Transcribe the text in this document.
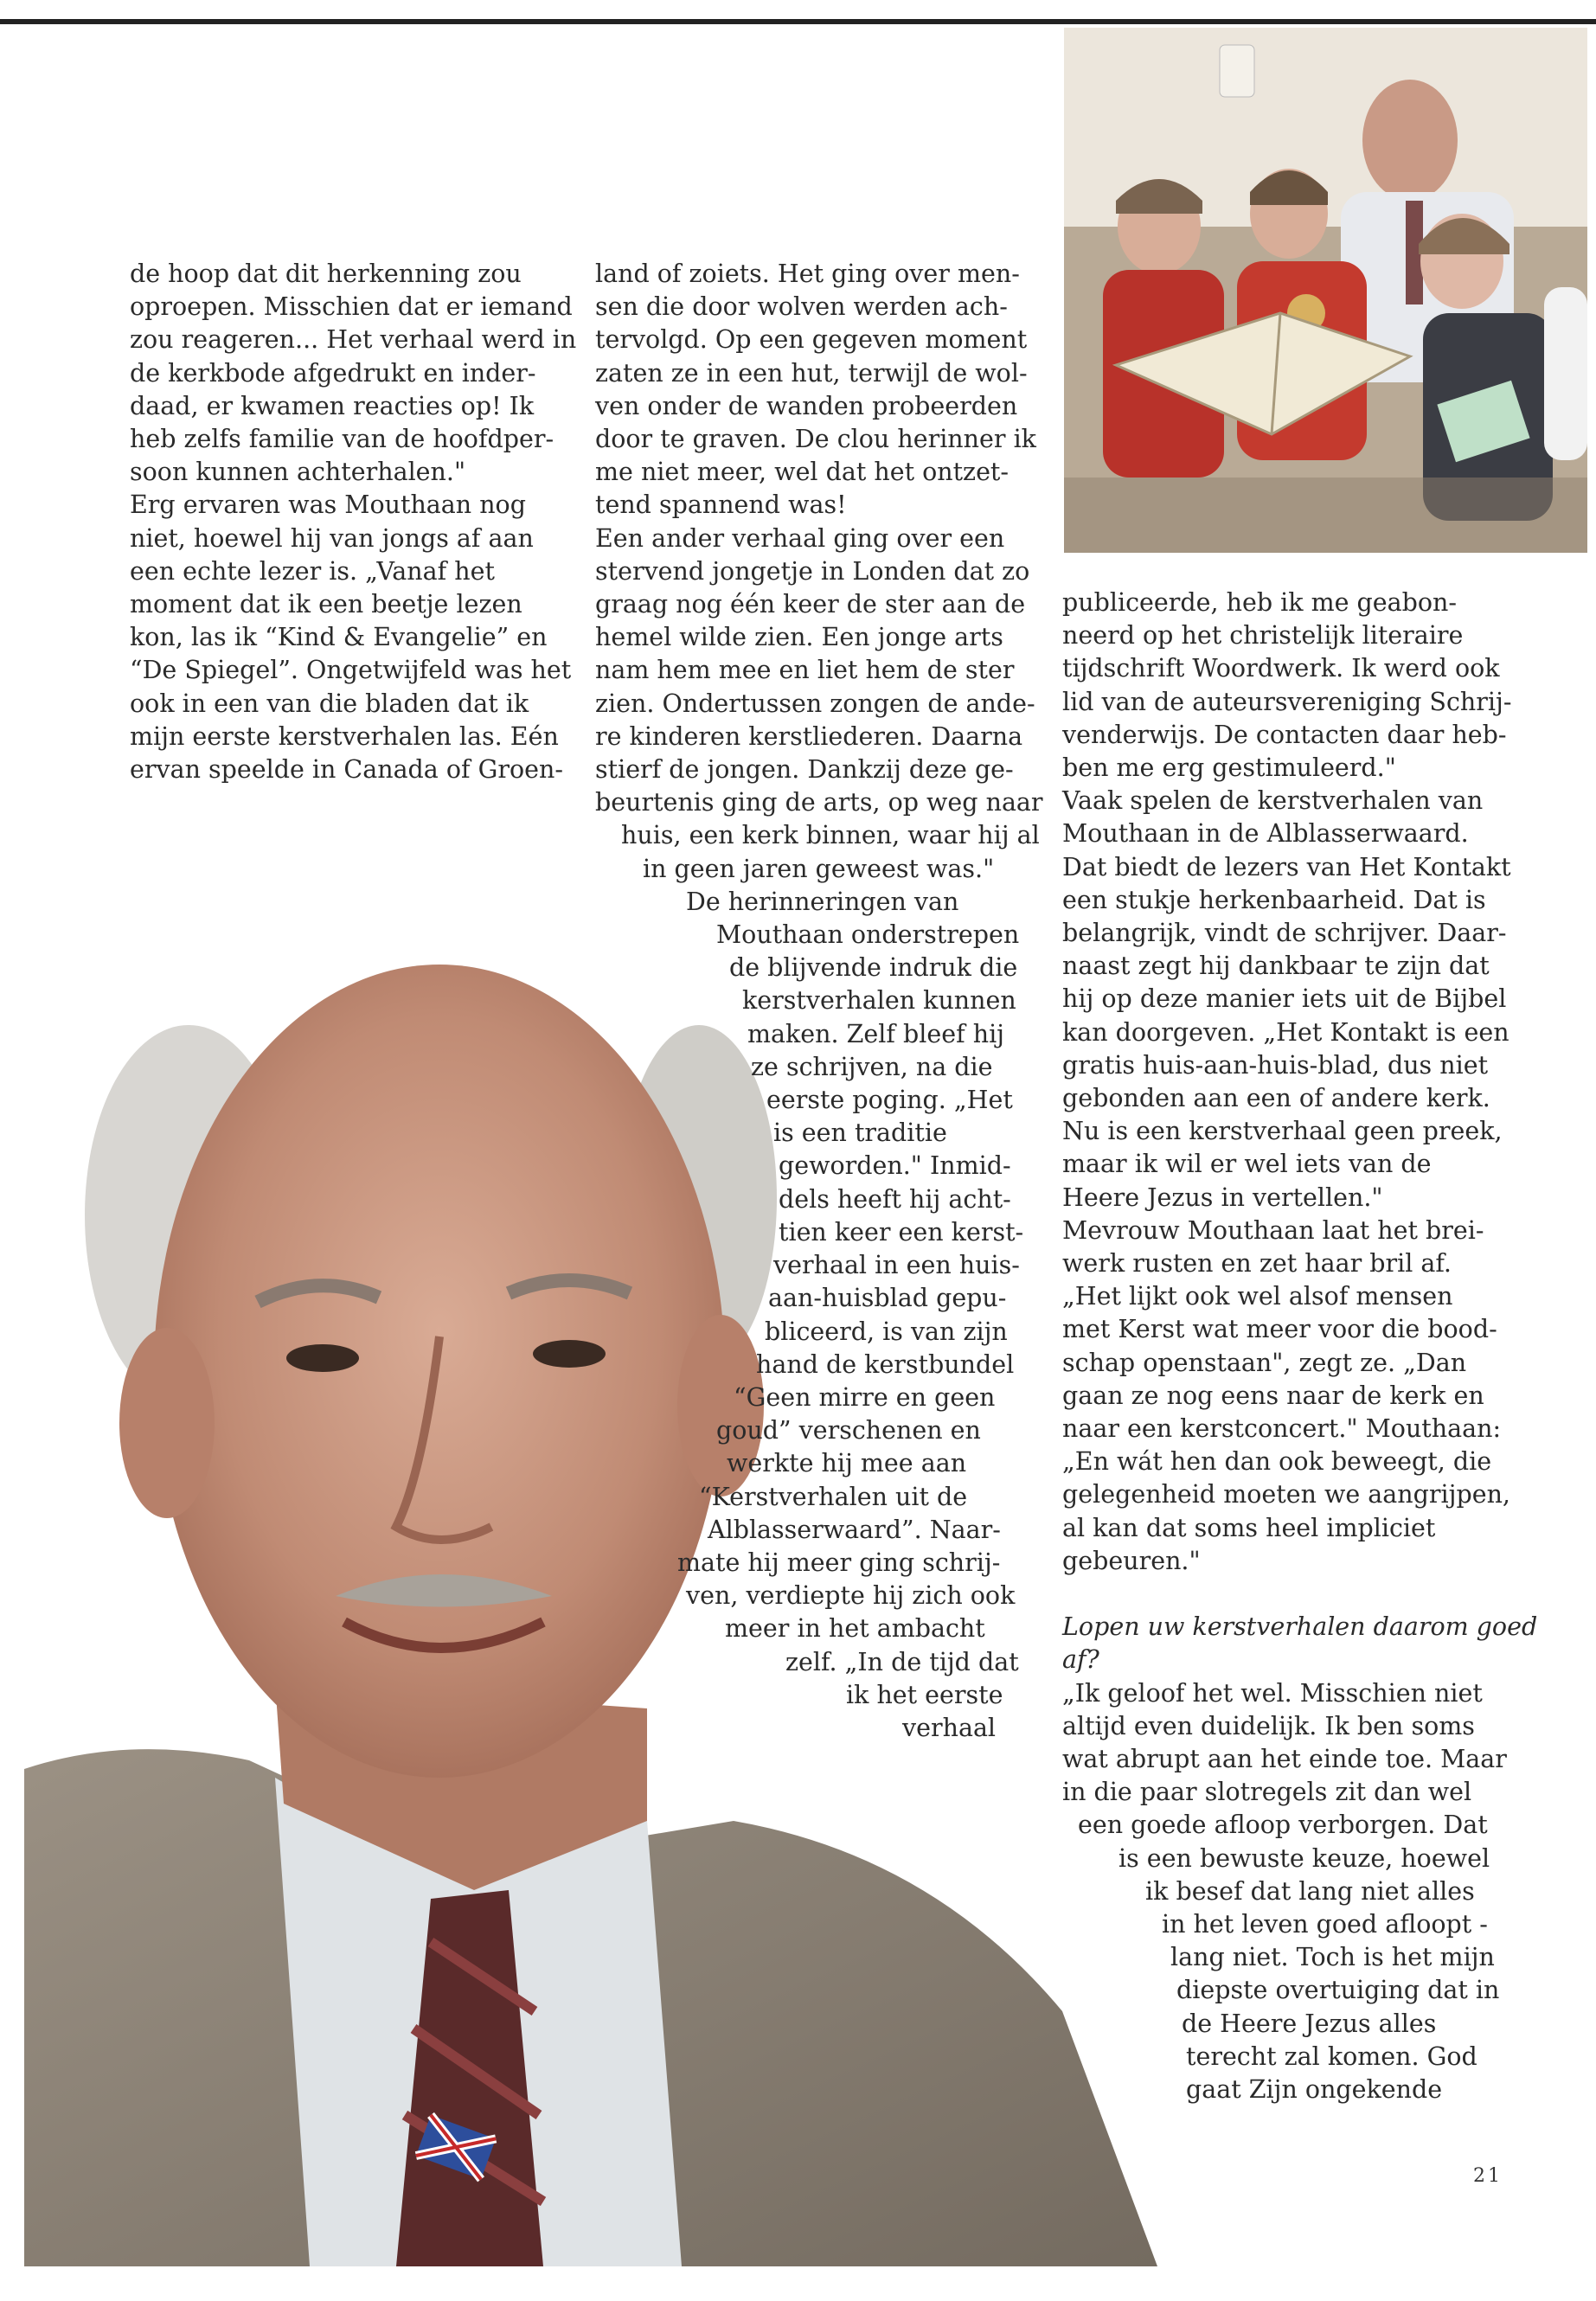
de hoop dat dit herkenning zou
oproepen. Misschien dat er iemand
zou reageren... Het verhaal werd in
de kerkbode afgedrukt en inder-
daad, er kwamen reacties op! Ik
heb zelfs familie van de hoofdper-
soon kunnen achterhalen."
Erg ervaren was Mouthaan nog
niet, hoewel hij van jongs af aan
een echte lezer is. „Vanaf het
moment dat ik een beetje lezen
kon, las ik “Kind & Evangelie” en
“De Spiegel”. Ongetwijfeld was het
ook in een van die bladen dat ik
mijn eerste kerstverhalen las. Eén
ervan speelde in Canada of Groen-
land of zoiets. Het ging over men-
sen die door wolven werden ach-
tervolgd. Op een gegeven moment
zaten ze in een hut, terwijl de wol-
ven onder de wanden probeerden
door te graven. De clou herinner ik
me niet meer, wel dat het ontzet-
tend spannend was!
Een ander verhaal ging over een
stervend jongetje in Londen dat zo
graag nog één keer de ster aan de
hemel wilde zien. Een jonge arts
nam hem mee en liet hem de ster
zien. Ondertussen zongen de ande-
re kinderen kerstliederen. Daarna
stierf de jongen. Dankzij deze ge-
beurtenis ging de arts, op weg naar
huis, een kerk binnen, waar hij al
in geen jaren geweest was."
De herinneringen van
Mouthaan onderstrepen
de blijvende indruk die
kerstverhalen kunnen
maken. Zelf bleef hij
ze schrijven, na die
eerste poging. „Het
is een traditie
geworden." Inmid-
dels heeft hij acht-
tien keer een kerst-
verhaal in een huis-
aan-huisblad gepu-
bliceerd, is van zijn
hand de kerstbundel
“Geen mirre en geen
goud” verschenen en
werkte hij mee aan
“Kerstverhalen uit de
Alblasserwaard”. Naar-
mate hij meer ging schrij-
ven, verdiepte hij zich ook
meer in het ambacht
zelf. „In de tijd dat
ik het eerste
verhaal
publiceerde, heb ik me geabon-
neerd op het christelijk literaire
tijdschrift Woordwerk. Ik werd ook
lid van de auteursvereniging Schrij-
venderwijs. De contacten daar heb-
ben me erg gestimuleerd."
Vaak spelen de kerstverhalen van
Mouthaan in de Alblasserwaard.
Dat biedt de lezers van Het Kontakt
een stukje herkenbaarheid. Dat is
belangrijk, vindt de schrijver. Daar-
naast zegt hij dankbaar te zijn dat
hij op deze manier iets uit de Bijbel
kan doorgeven. „Het Kontakt is een
gratis huis-aan-huis-blad, dus niet
gebonden aan een of andere kerk.
Nu is een kerstverhaal geen preek,
maar ik wil er wel iets van de
Heere Jezus in vertellen."
Mevrouw Mouthaan laat het brei-
werk rusten en zet haar bril af.
„Het lijkt ook wel alsof mensen
met Kerst wat meer voor die bood-
schap openstaan", zegt ze. „Dan
gaan ze nog eens naar de kerk en
naar een kerstconcert." Mouthaan:
„En wát hen dan ook beweegt, die
gelegenheid moeten we aangrijpen,
al kan dat soms heel impliciet
gebeuren."
Lopen uw kerstverhalen daarom goed
af?
„Ik geloof het wel. Misschien niet
altijd even duidelijk. Ik ben soms
wat abrupt aan het einde toe. Maar
in die paar slotregels zit dan wel
een goede afloop verborgen. Dat
is een bewuste keuze, hoewel
ik besef dat lang niet alles
in het leven goed afloopt -
lang niet. Toch is het mijn
diepste overtuiging dat in
de Heere Jezus alles
terecht zal komen. God
gaat Zijn ongekende
21
